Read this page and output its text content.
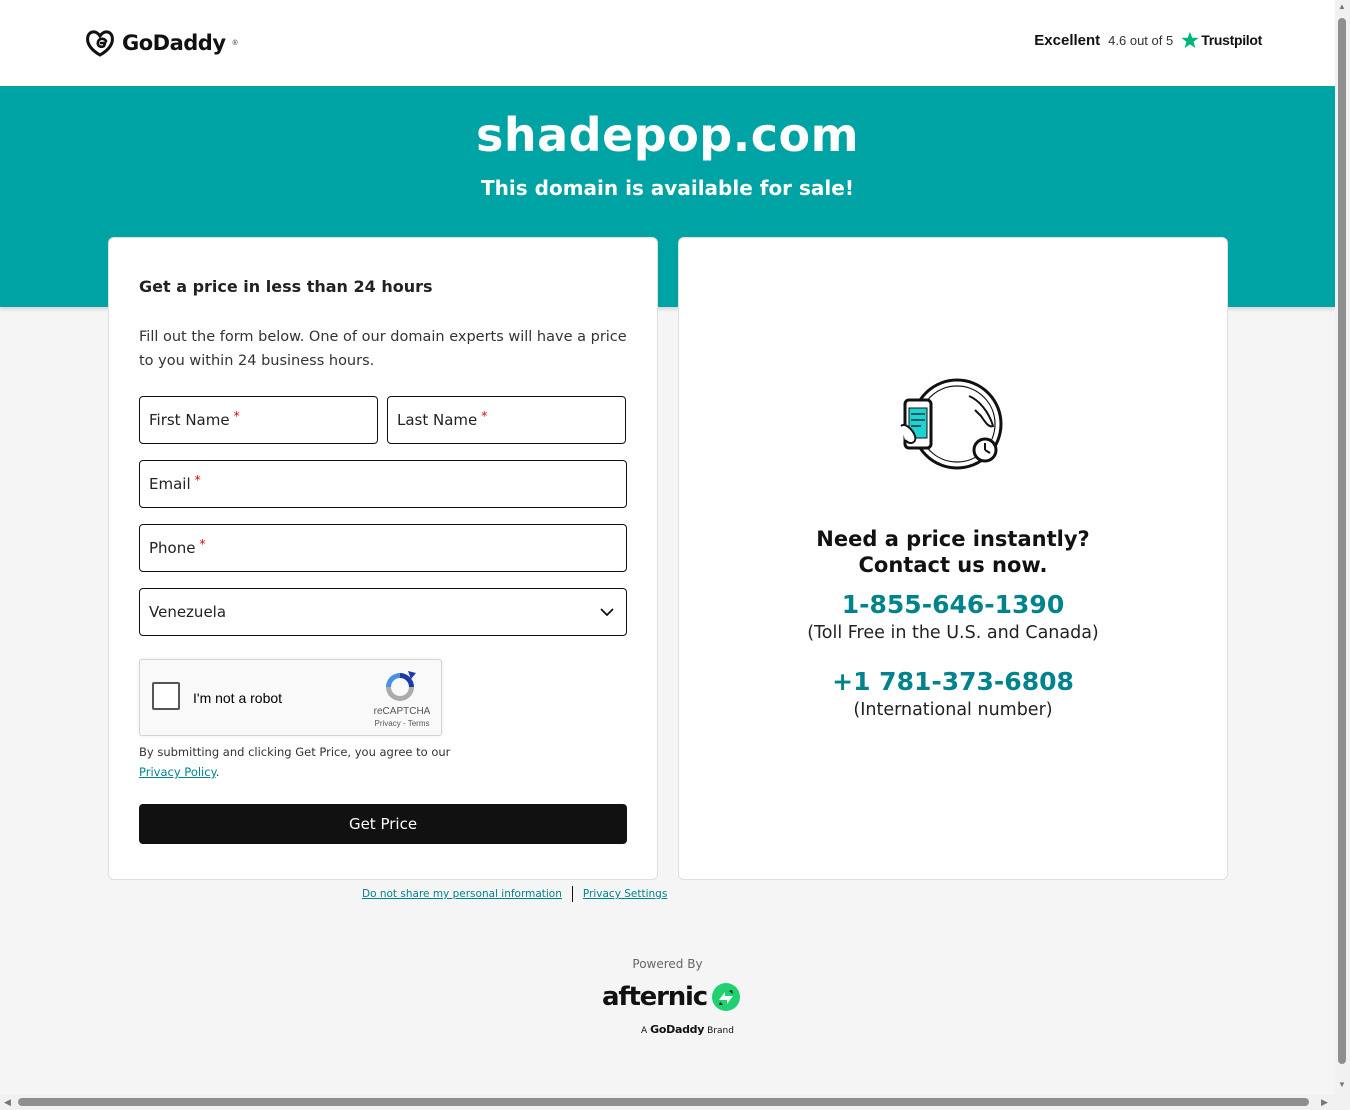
GoDaddy ®	Excellent 4.6 out of 5 Trustpilot
shadepop.com
This domain is available for sale!
Get a price in less than 24 hours
Fill out the form below. One of our domain experts will have a price to you within 24 business hours.
First Name *	Last Name *
Email *
Phone *
Venezuela
I'm not a robot
reCAPTCHA
Privacy - Terms
By submitting and clicking Get Price, you agree to our
Privacy Policy.
Get Price
Need a price instantly?
Contact us now.
1-855-646-1390
(Toll Free in the U.S. and Canada)
+1 781-373-6808
(International number)
Do not share my personal information Privacy Settings
Powered By
afternic
A GoDaddy Brand
▲
▼
◀	▶
